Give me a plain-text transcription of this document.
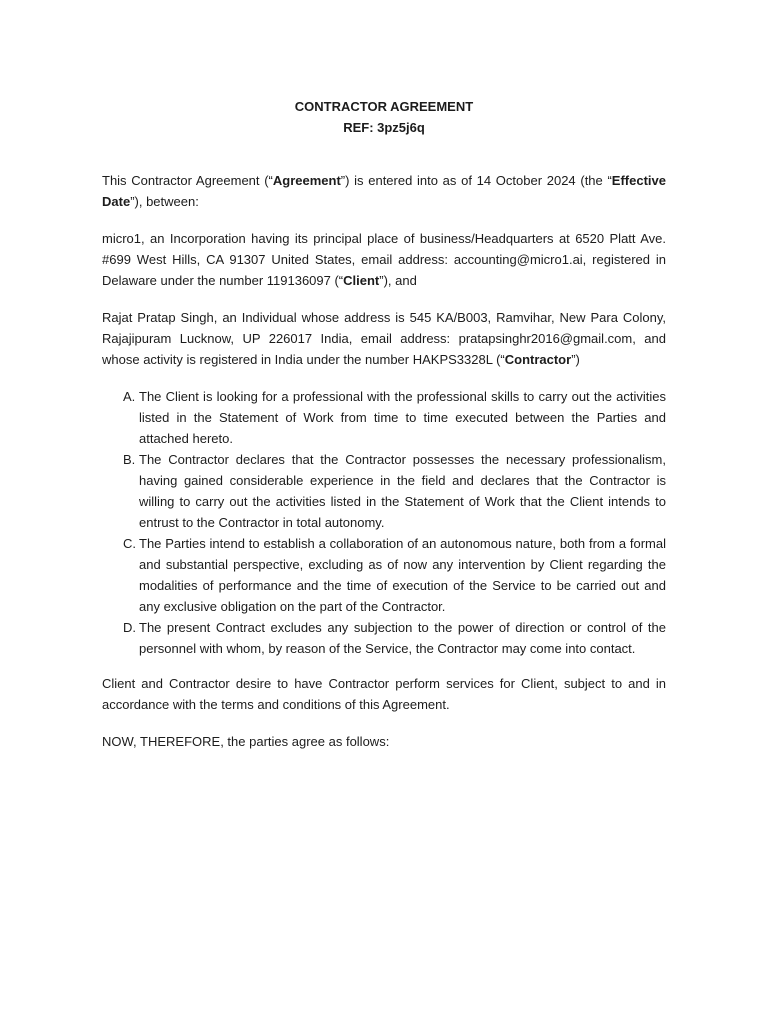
CONTRACTOR AGREEMENT
REF: 3pz5j6q

This Contractor Agreement (“Agreement”) is entered into as of 14 October 2024 (the “Effective Date”), between:

micro1, an Incorporation having its principal place of business/Headquarters at 6520 Platt Ave. #699 West Hills, CA 91307 United States, email address: accounting@micro1.ai, registered in Delaware under the number 119136097 (“Client”), and

Rajat Pratap Singh, an Individual whose address is 545 KA/B003, Ramvihar, New Para Colony, Rajajipuram Lucknow, UP 226017 India, email address: pratapsinghr2016@gmail.com, and whose activity is registered in India under the number HAKPS3328L (“Contractor”)

A. The Client is looking for a professional with the professional skills to carry out the activities listed in the Statement of Work from time to time executed between the Parties and attached hereto.
B. The Contractor declares that the Contractor possesses the necessary professionalism, having gained considerable experience in the field and declares that the Contractor is willing to carry out the activities listed in the Statement of Work that the Client intends to entrust to the Contractor in total autonomy.
C. The Parties intend to establish a collaboration of an autonomous nature, both from a formal and substantial perspective, excluding as of now any intervention by Client regarding the modalities of performance and the time of execution of the Service to be carried out and any exclusive obligation on the part of the Contractor.
D. The present Contract excludes any subjection to the power of direction or control of the personnel with whom, by reason of the Service, the Contractor may come into contact.

Client and Contractor desire to have Contractor perform services for Client, subject to and in accordance with the terms and conditions of this Agreement.

NOW, THEREFORE, the parties agree as follows:
